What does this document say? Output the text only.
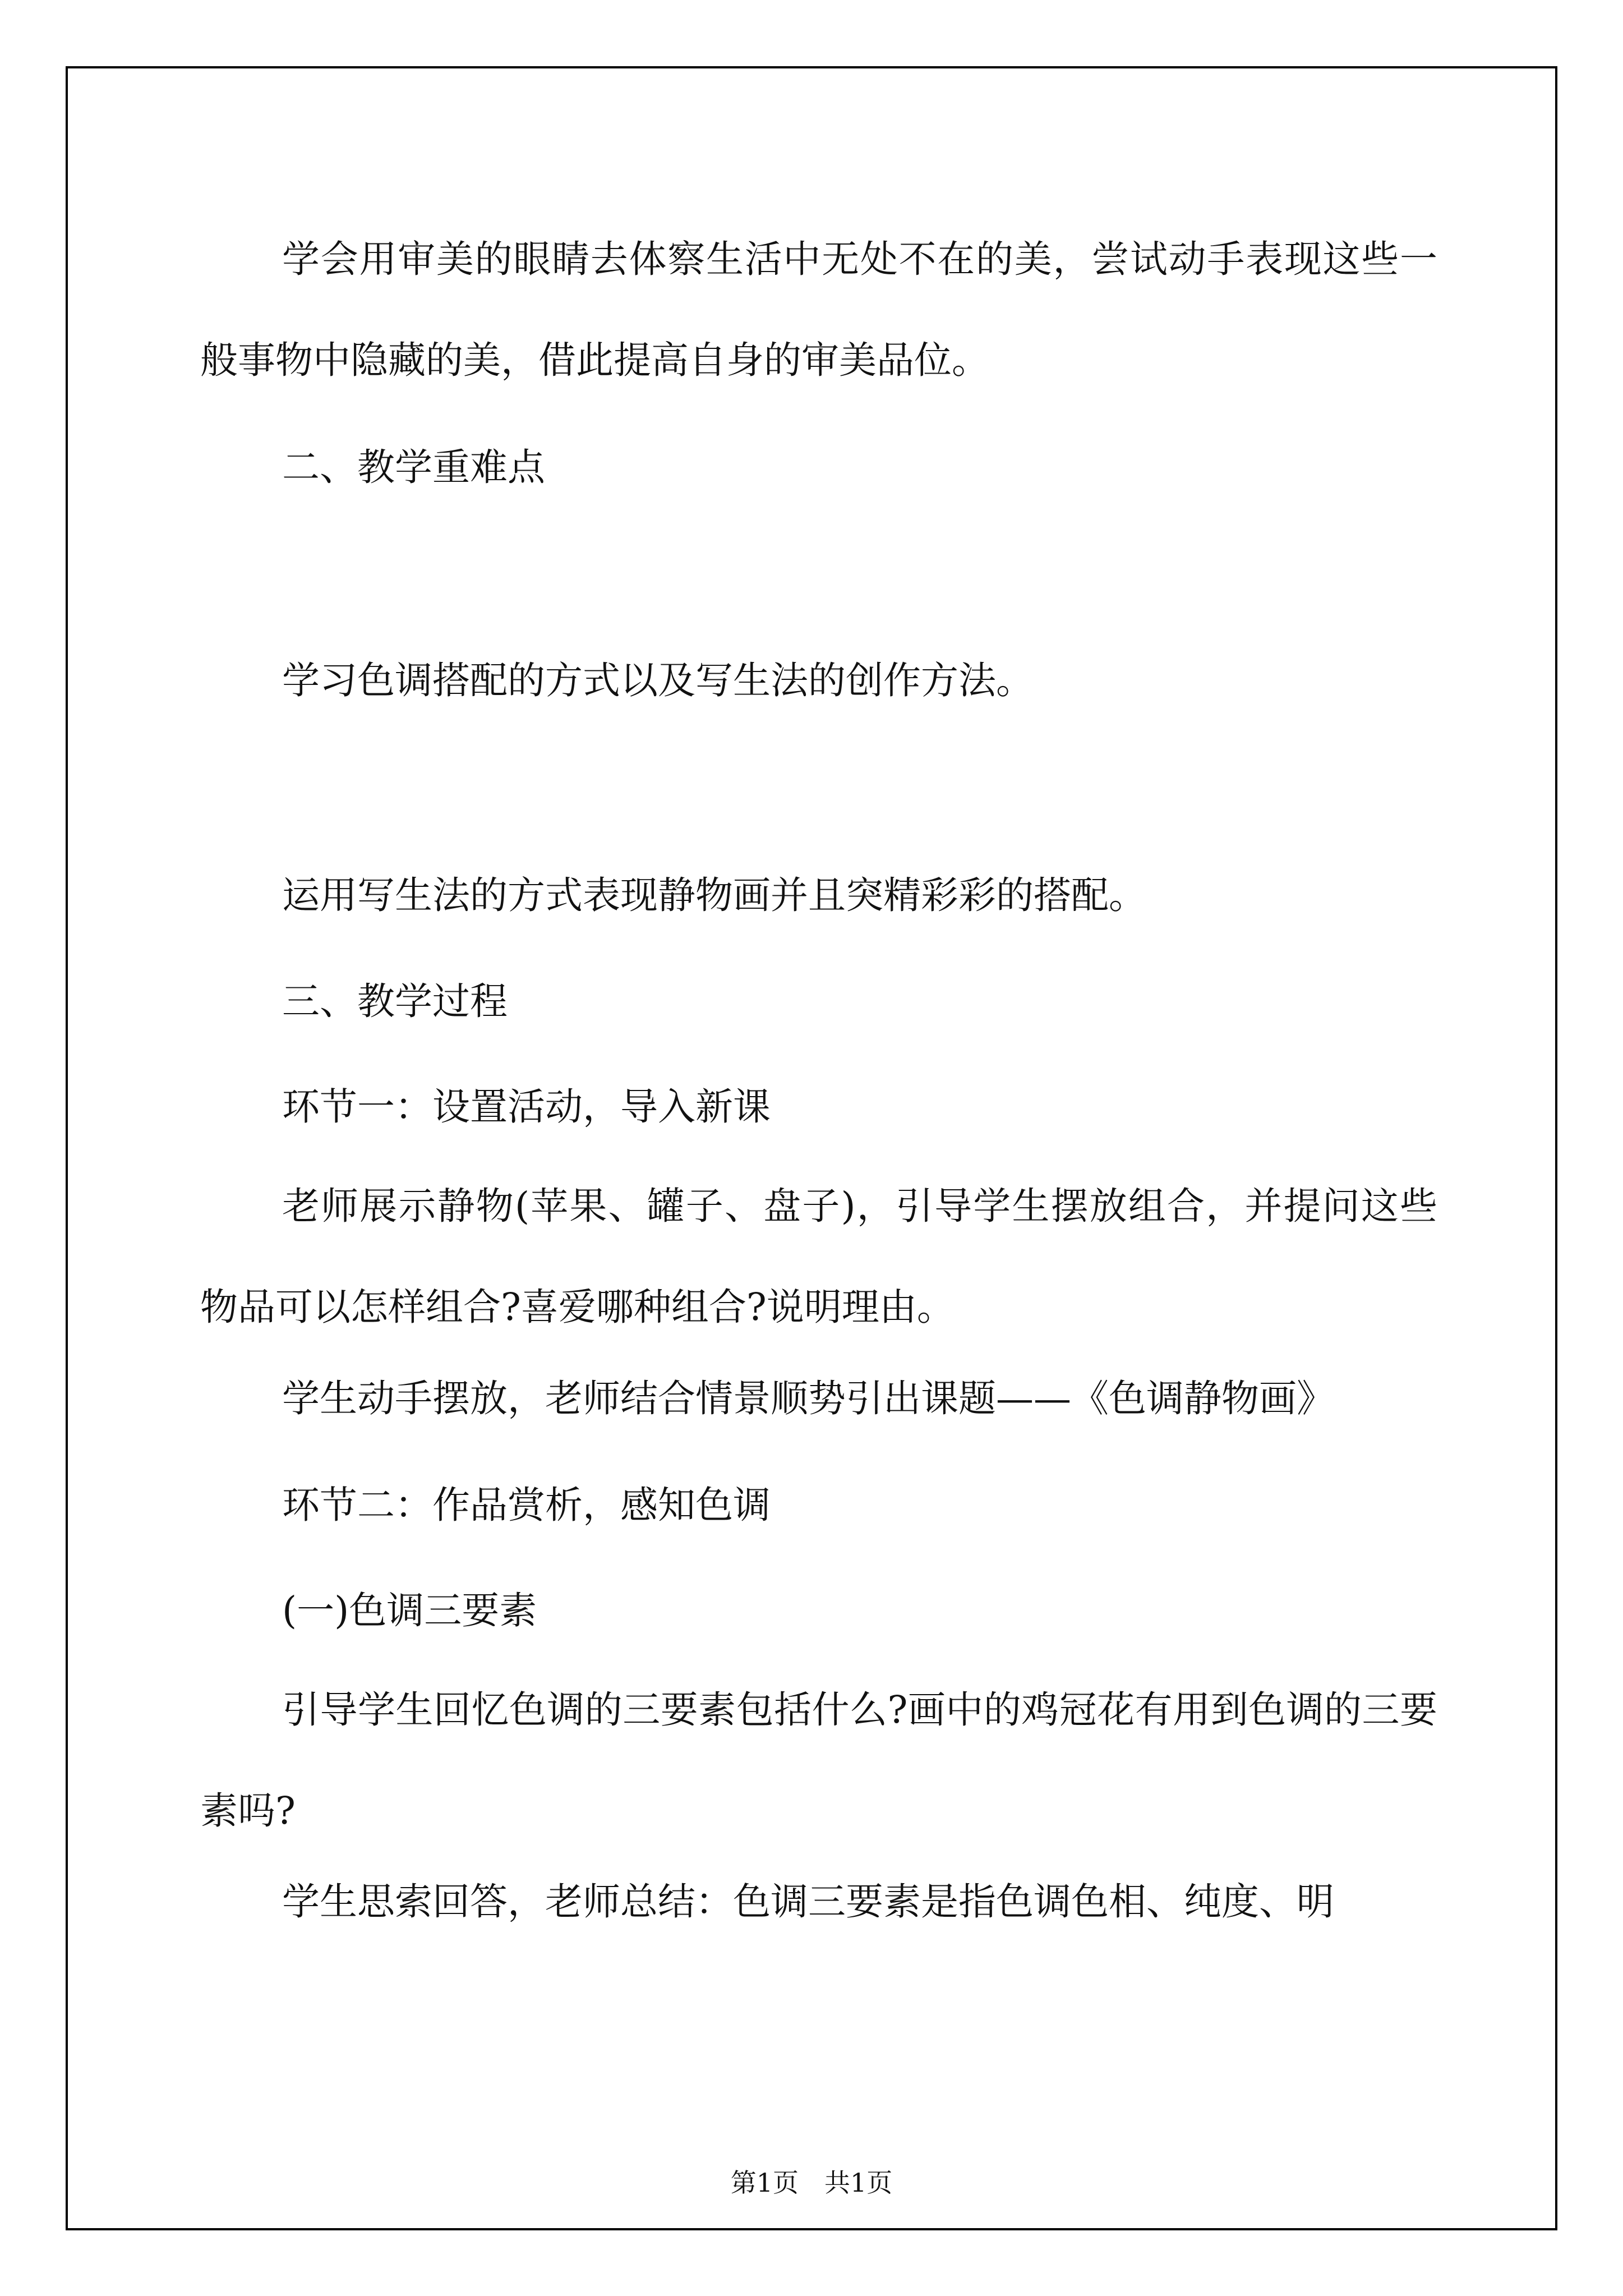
学会用审美的眼睛去体察生活中无处不在的美，尝试动手表现这些一般事物中隐藏的美，借此提高自身的审美品位。

二、教学重难点

学习色调搭配的方式以及写生法的创作方法。

运用写生法的方式表现静物画并且突精彩彩的搭配。

三、教学过程

环节一：设置活动，导入新课

老师展示静物(苹果、罐子、盘子)，引导学生摆放组合，并提问这些物品可以怎样组合?喜爱哪种组合?说明理由。

学生动手摆放，老师结合情景顺势引出课题——《色调静物画》

环节二：作品赏析，感知色调

(一)色调三要素

引导学生回忆色调的三要素包括什么?画中的鸡冠花有用到色调的三要素吗?

学生思索回答，老师总结：色调三要素是指色调色相、纯度、明

第1页　共1页
